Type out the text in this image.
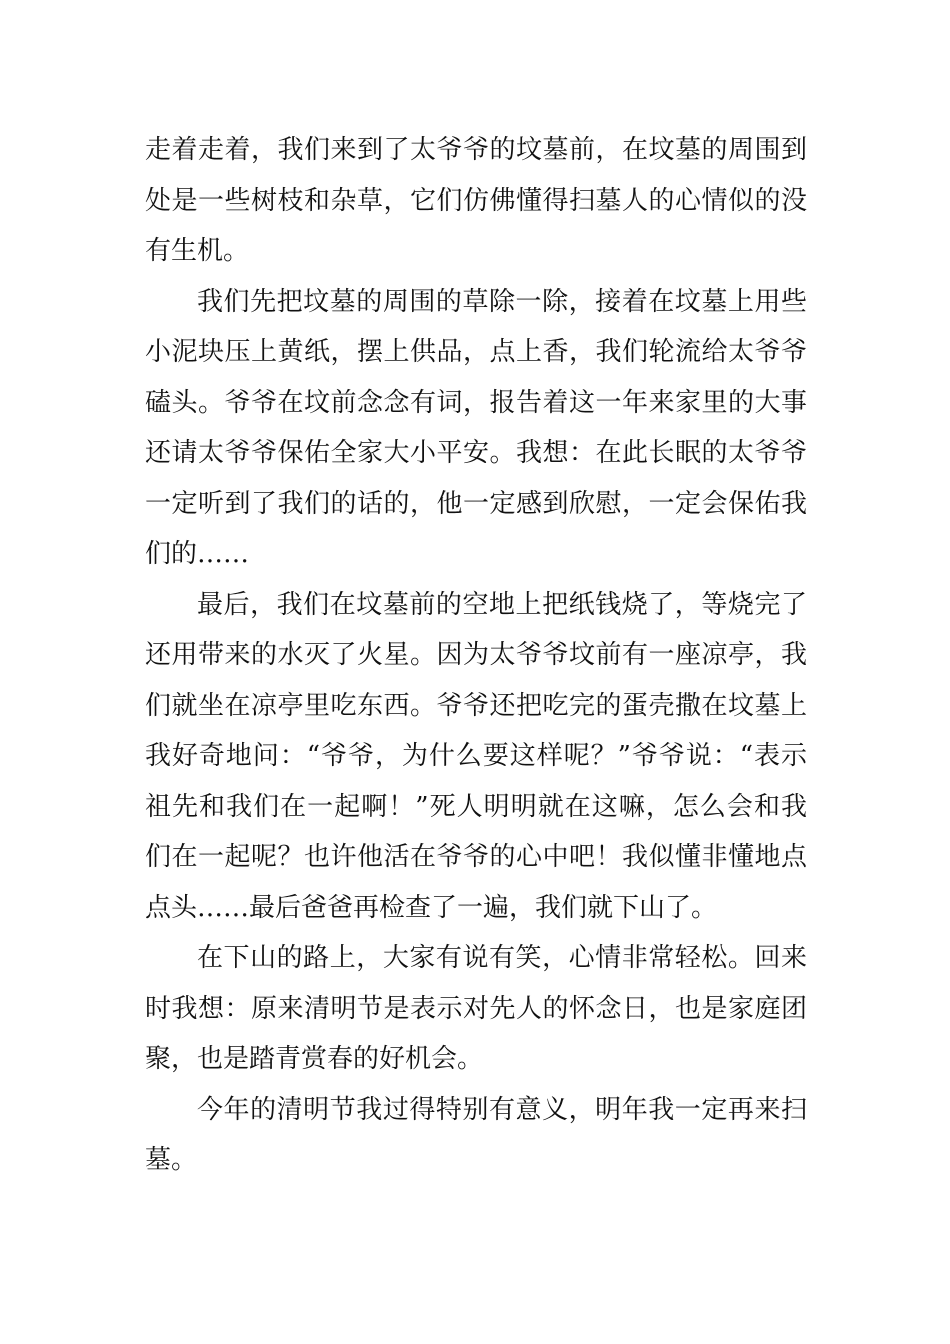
走着走着，我们来到了太爷爷的坟墓前，在坟墓的周围到处是一些树枝和杂草，它们仿佛懂得扫墓人的心情似的没有生机。

我们先把坟墓的周围的草除一除，接着在坟墓上用些小泥块压上黄纸，摆上供品，点上香，我们轮流给太爷爷磕头。爷爷在坟前念念有词，报告着这一年来家里的大事还请太爷爷保佑全家大小平安。我想：在此长眠的太爷爷一定听到了我们的话的，他一定感到欣慰，一定会保佑我们的……

最后，我们在坟墓前的空地上把纸钱烧了，等烧完了还用带来的水灭了火星。因为太爷爷坟前有一座凉亭，我们就坐在凉亭里吃东西。爷爷还把吃完的蛋壳撒在坟墓上我好奇地问：“爷爷，为什么要这样呢？”爷爷说：“表示祖先和我们在一起啊！”死人明明就在这嘛，怎么会和我们在一起呢？也许他活在爷爷的心中吧！我似懂非懂地点点头……最后爸爸再检查了一遍，我们就下山了。

在下山的路上，大家有说有笑，心情非常轻松。回来时我想：原来清明节是表示对先人的怀念日，也是家庭团聚，也是踏青赏春的好机会。

今年的清明节我过得特别有意义，明年我一定再来扫墓。
